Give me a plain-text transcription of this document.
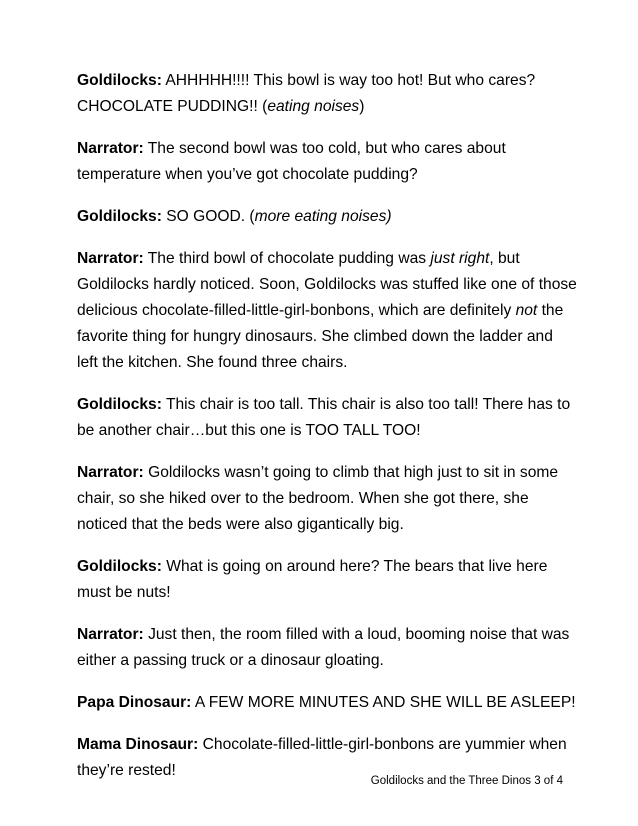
Goldilocks: AHHHHH!!!! This bowl is way too hot! But who cares? CHOCOLATE PUDDING!! (eating noises)

Narrator: The second bowl was too cold, but who cares about temperature when you’ve got chocolate pudding?

Goldilocks: SO GOOD. (more eating noises)

Narrator: The third bowl of chocolate pudding was just right, but Goldilocks hardly noticed. Soon, Goldilocks was stuffed like one of those delicious chocolate-filled-little-girl-bonbons, which are definitely not the favorite thing for hungry dinosaurs. She climbed down the ladder and left the kitchen. She found three chairs.

Goldilocks: This chair is too tall. This chair is also too tall! There has to be another chair…but this one is TOO TALL TOO!

Narrator: Goldilocks wasn’t going to climb that high just to sit in some chair, so she hiked over to the bedroom. When she got there, she noticed that the beds were also gigantically big.

Goldilocks: What is going on around here? The bears that live here must be nuts!

Narrator: Just then, the room filled with a loud, booming noise that was either a passing truck or a dinosaur gloating.

Papa Dinosaur: A FEW MORE MINUTES AND SHE WILL BE ASLEEP!

Mama Dinosaur: Chocolate-filled-little-girl-bonbons are yummier when they’re rested!

Goldilocks and the Three Dinos 3 of 4
